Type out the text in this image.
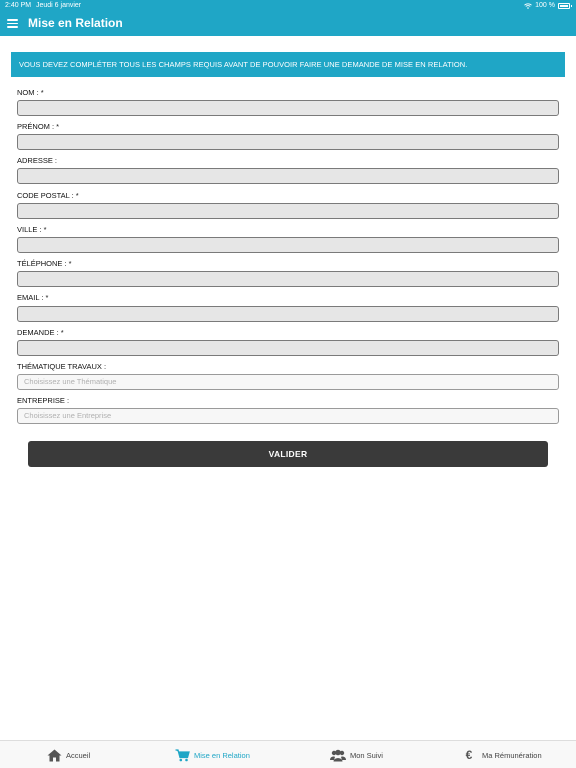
2:40 PM Jeudi 6 janvier	100 %
Mise en Relation
VOUS DEVEZ COMPLÉTER TOUS LES CHAMPS REQUIS AVANT DE POUVOIR FAIRE UNE DEMANDE DE MISE EN RELATION.
NOM : *
PRÉNOM : *
ADRESSE :
CODE POSTAL : *
VILLE : *
TÉLÉPHONE : *
EMAIL : *
DEMANDE : *
THÉMATIQUE TRAVAUX :
Choisissez une Thématique
ENTREPRISE :
Choisissez une Entreprise
VALIDER
Accueil	Mise en Relation	Mon Suivi	€	Ma Rémunération
